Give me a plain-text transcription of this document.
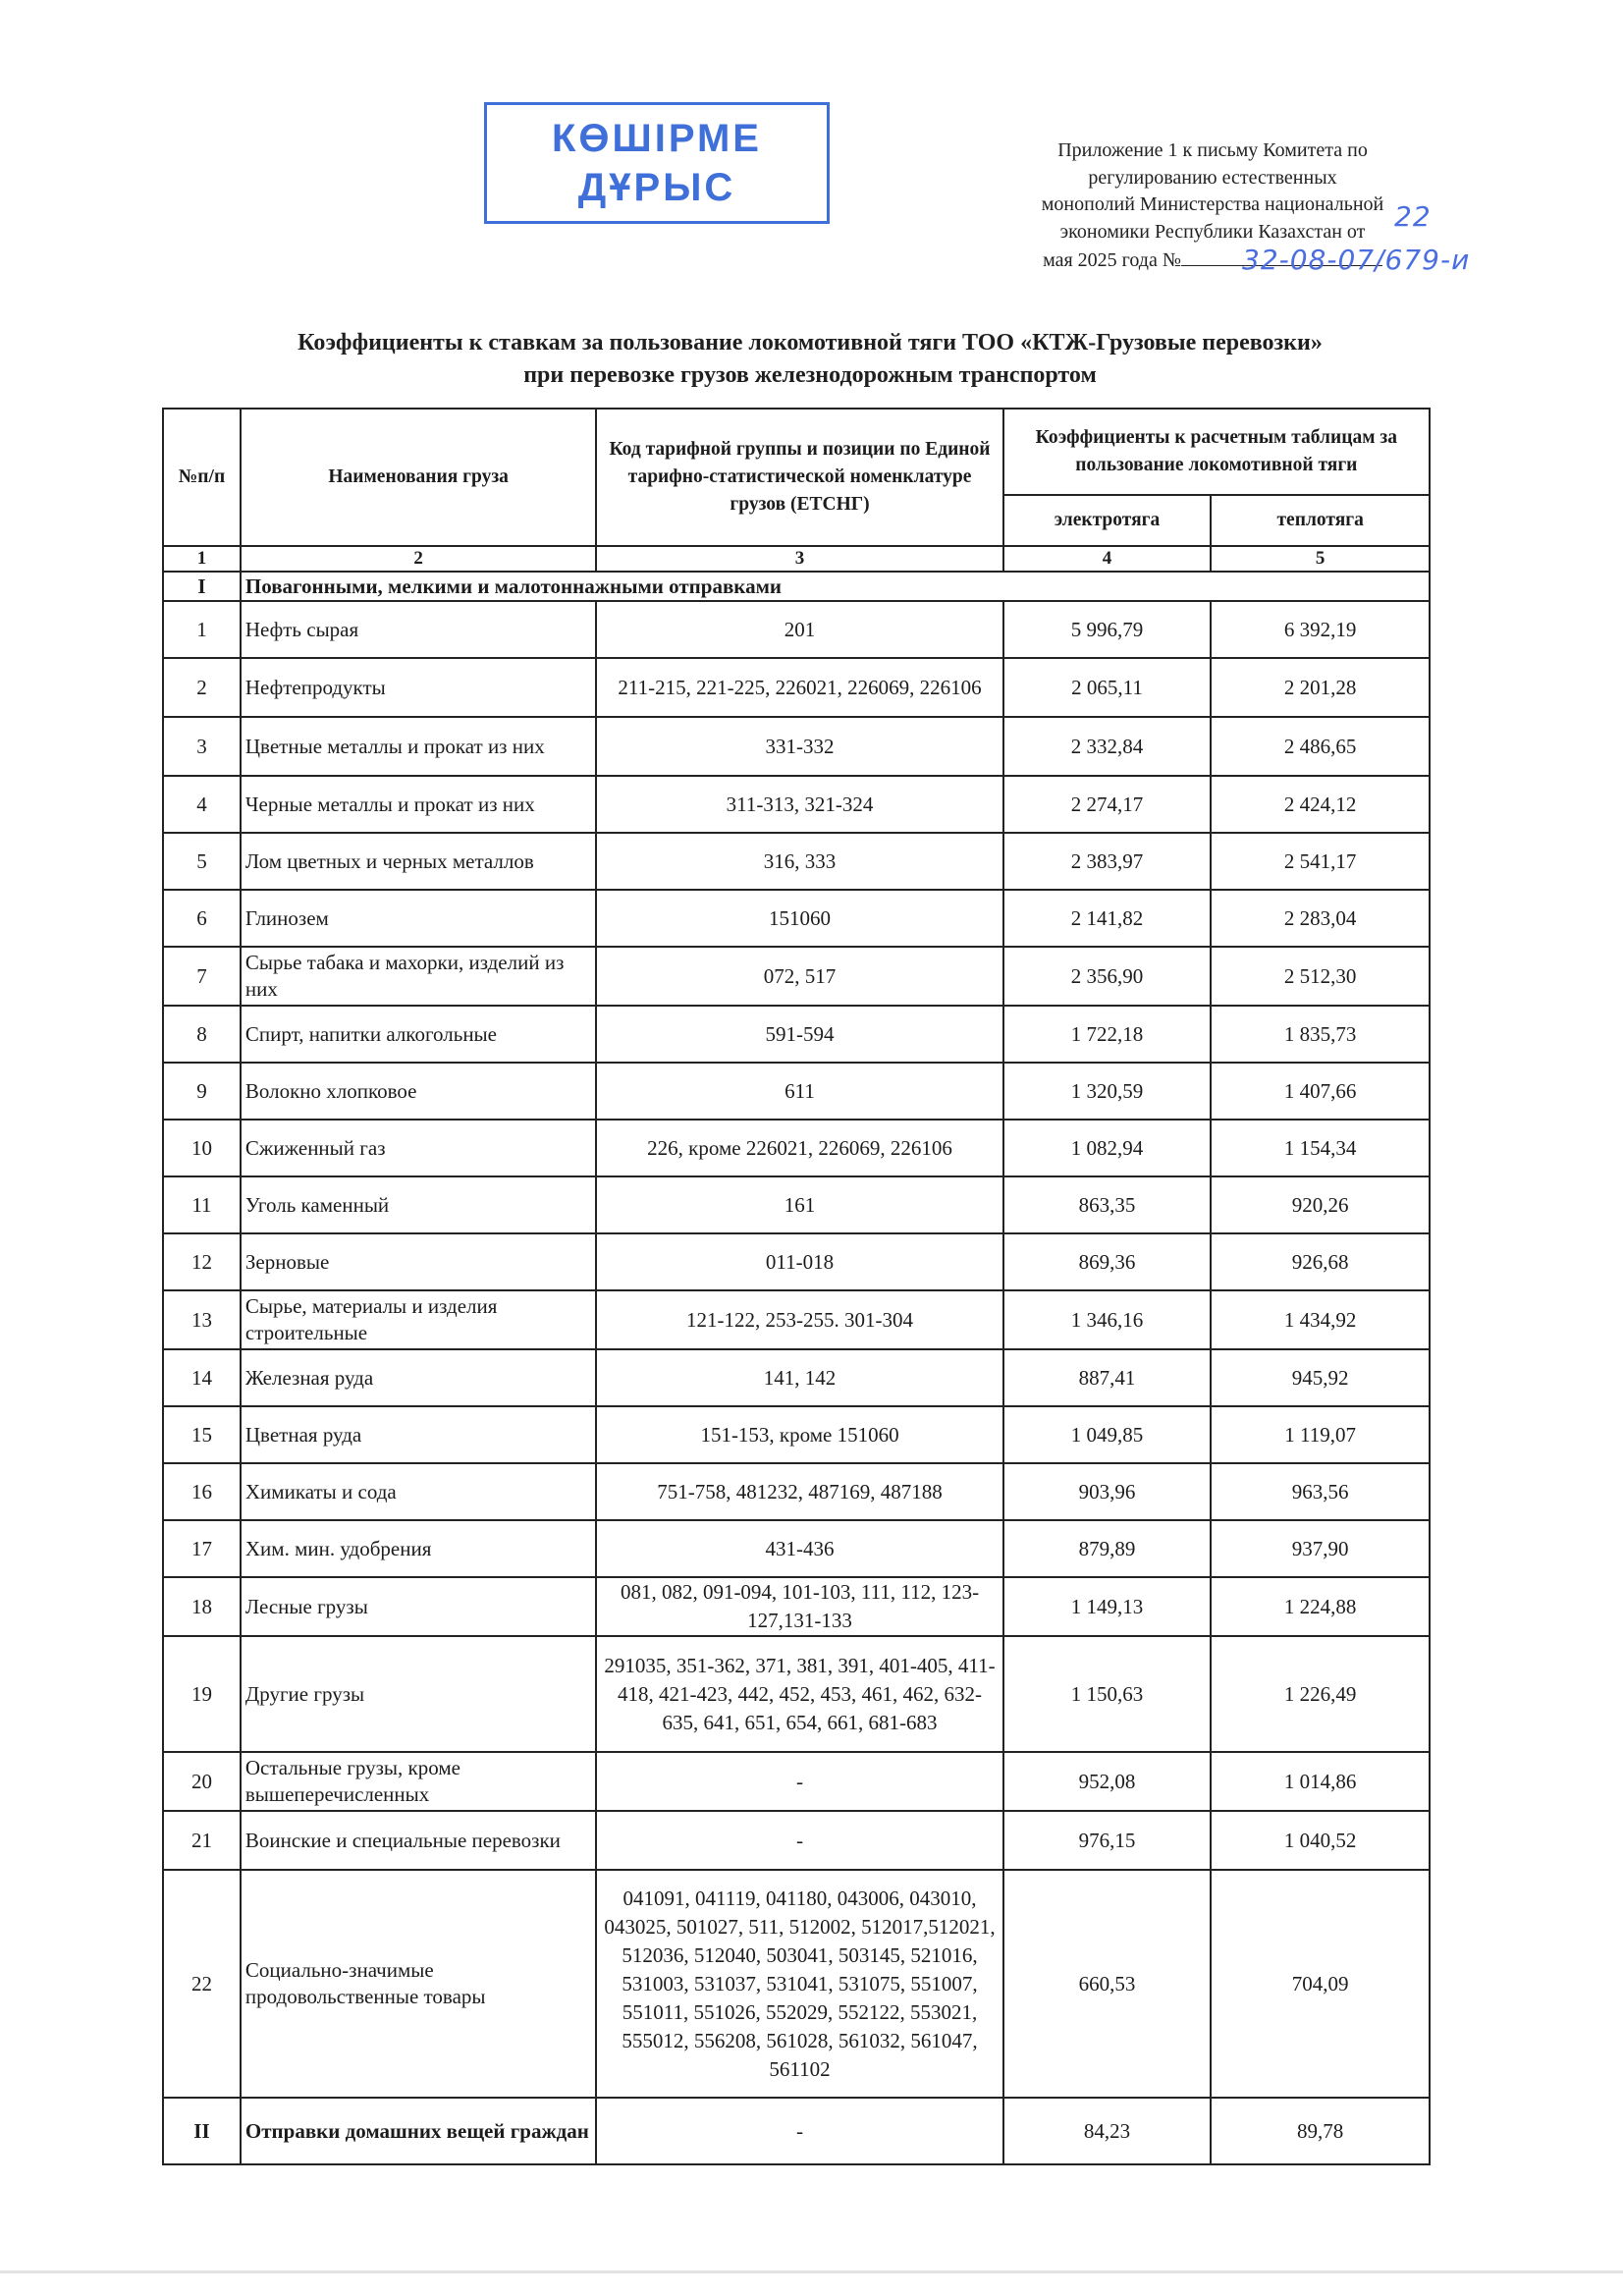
КӨШІРМЕ
ДҰРЫС
Приложение 1 к письму Комитета по
регулированию естественных
монополий Министерства национальной
экономики Республики Казахстан от
мая 2025 года №
22
32-08-07/679-и
Коэффициенты к ставкам за пользование локомотивной тяги ТОО «КТЖ-Грузовые перевозки»
при перевозке грузов железнодорожным транспортом
№п/п	Наименования груза	Код тарифной группы и позиции по Единой тарифно-статистической номенклатуре грузов (ЕТСНГ)	Коэффициенты к расчетным таблицам за пользование локомотивной тяги	
			электротяга	теплотяга
1	2	3	4	5
I	Повагонными, мелкими и малотоннажными отправками			
1	Нефть сырая	201	5 996,79	6 392,19
2	Нефтепродукты	211-215, 221-225, 226021, 226069, 226106	2 065,11	2 201,28
3	Цветные металлы и прокат из них	331-332	2 332,84	2 486,65
4	Черные металлы и прокат из них	311-313, 321-324	2 274,17	2 424,12
5	Лом цветных и черных металлов	316, 333	2 383,97	2 541,17
6	Глинозем	151060	2 141,82	2 283,04
7	Сырье табака и махорки, изделий из них	072, 517	2 356,90	2 512,30
8	Спирт, напитки алкогольные	591-594	1 722,18	1 835,73
9	Волокно хлопковое	611	1 320,59	1 407,66
10	Сжиженный газ	226, кроме 226021, 226069, 226106	1 082,94	1 154,34
11	Уголь каменный	161	863,35	920,26
12	Зерновые	011-018	869,36	926,68
13	Сырье, материалы и изделия строительные	121-122, 253-255. 301-304	1 346,16	1 434,92
14	Железная руда	141, 142	887,41	945,92
15	Цветная руда	151-153, кроме 151060	1 049,85	1 119,07
16	Химикаты и сода	751-758, 481232, 487169, 487188	903,96	963,56
17	Хим. мин. удобрения	431-436	879,89	937,90
18	Лесные грузы	081, 082, 091-094, 101-103, 111, 112, 123-127,131-133	1 149,13	1 224,88
19	Другие грузы	291035, 351-362, 371, 381, 391, 401-405, 411-418, 421-423, 442, 452, 453, 461, 462, 632-635, 641, 651, 654, 661, 681-683	1 150,63	1 226,49
20	Остальные грузы, кроме вышеперечисленных	-	952,08	1 014,86
21	Воинские и специальные перевозки	-	976,15	1 040,52
22	Социально-значимые продовольственные товары	041091, 041119, 041180, 043006, 043010, 043025, 501027, 511, 512002, 512017,512021, 512036, 512040, 503041, 503145, 521016, 531003, 531037, 531041, 531075, 551007, 551011, 551026, 552029, 552122, 553021, 555012, 556208, 561028, 561032, 561047, 561102	660,53	704,09
II	Отправки домашних вещей граждан	-	84,23	89,78
